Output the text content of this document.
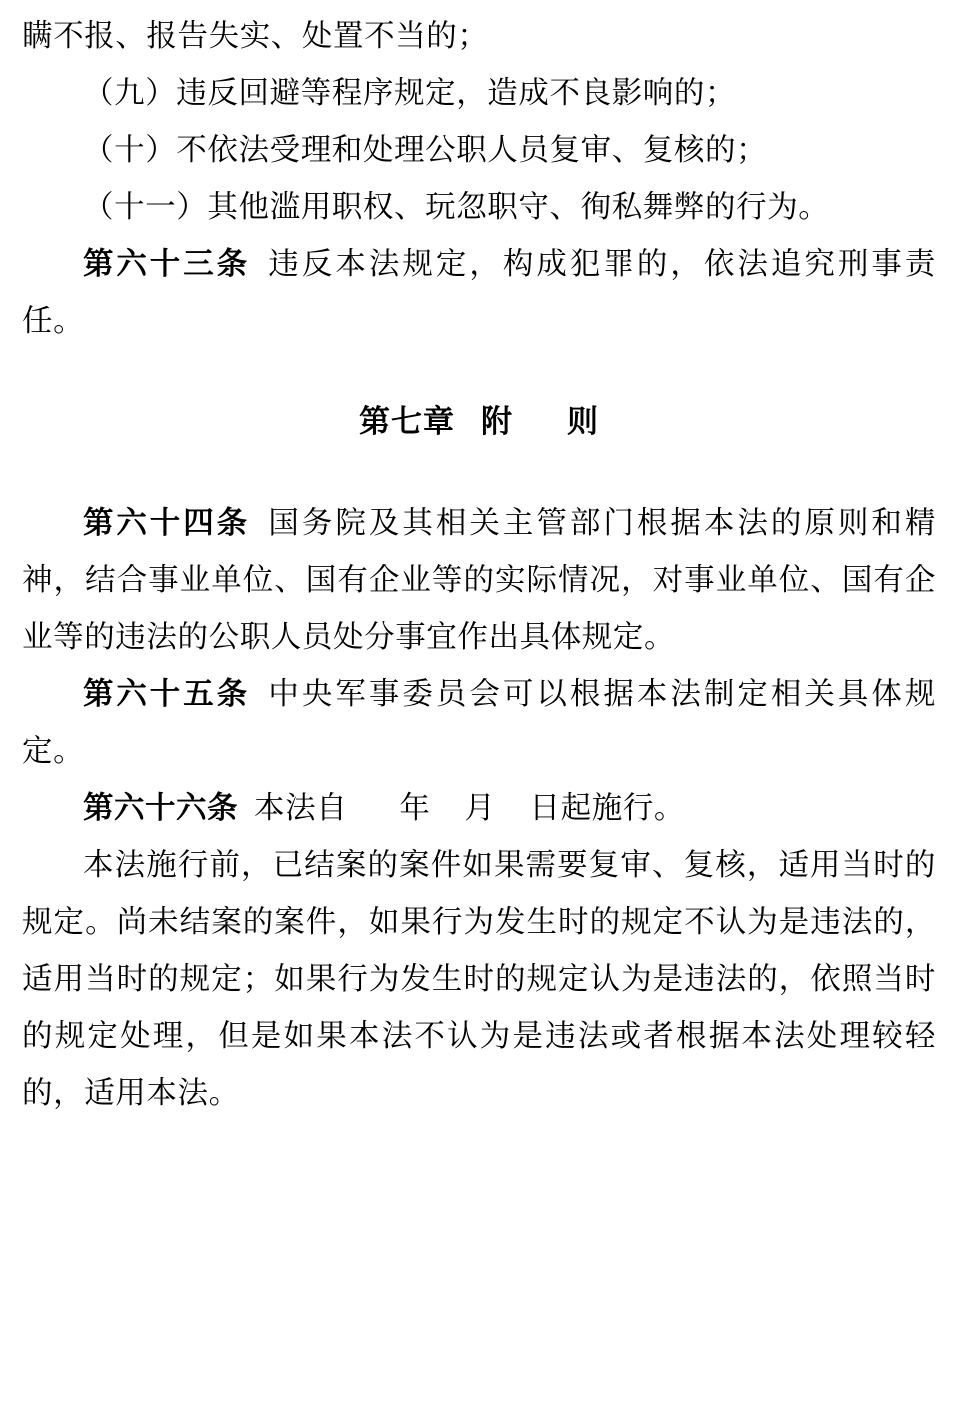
瞒不报、报告失实、处置不当的；

（九）违反回避等程序规定，造成不良影响的；

（十）不依法受理和处理公职人员复审、复核的；

（十一）其他滥用职权、玩忽职守、徇私舞弊的行为。

第六十三条 违反本法规定，构成犯罪的，依法追究刑事责任。

第七章 附 则

第六十四条 国务院及其相关主管部门根据本法的原则和精神，结合事业单位、国有企业等的实际情况，对事业单位、国有企业等的违法的公职人员处分事宜作出具体规定。

第六十五条 中央军事委员会可以根据本法制定相关具体规定。

第六十六条 本法自 年 月 日起施行。

本法施行前，已结案的案件如果需要复审、复核，适用当时的规定。尚未结案的案件，如果行为发生时的规定不认为是违法的，适用当时的规定；如果行为发生时的规定认为是违法的，依照当时的规定处理，但是如果本法不认为是违法或者根据本法处理较轻的，适用本法。
